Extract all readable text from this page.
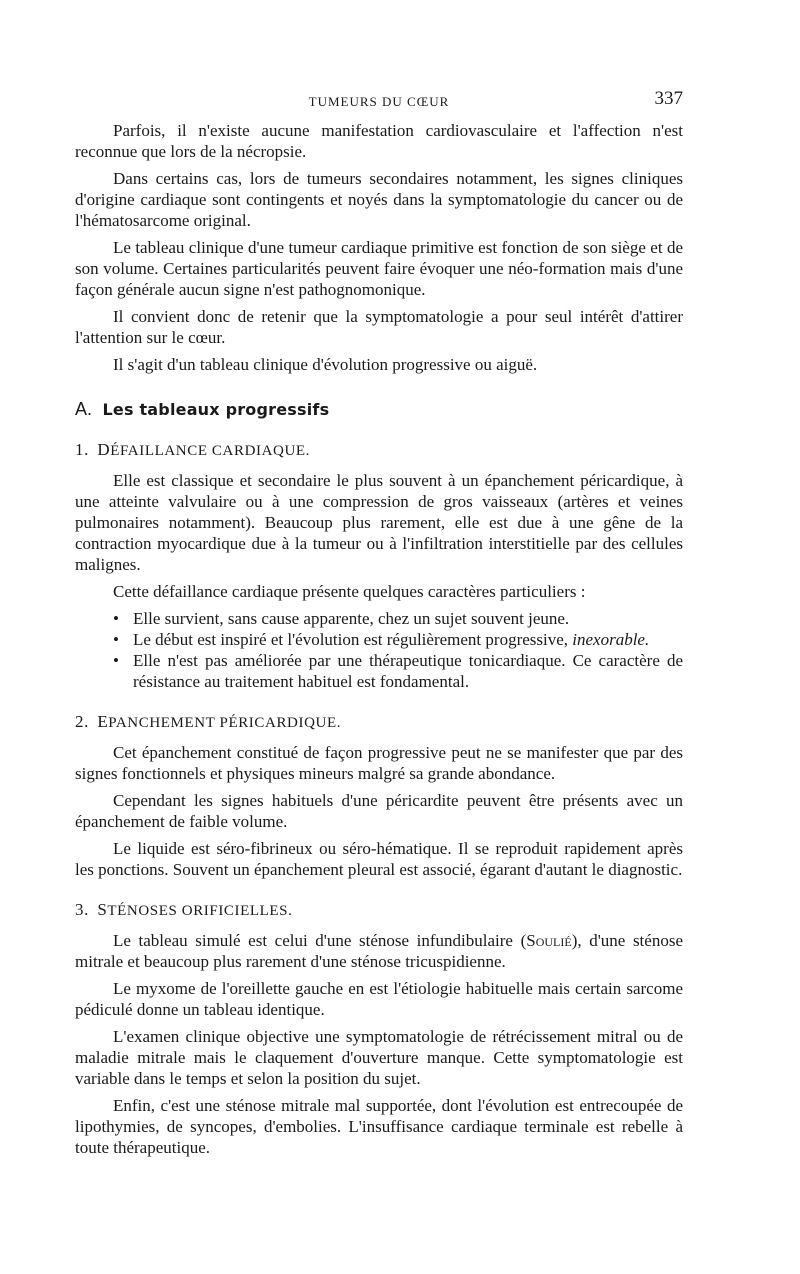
TUMEURS DU CŒUR	337

Parfois, il n'existe aucune manifestation cardiovasculaire et l'affection n'est reconnue que lors de la nécropsie.

Dans certains cas, lors de tumeurs secondaires notamment, les signes cliniques d'origine cardiaque sont contingents et noyés dans la symptomatologie du cancer ou de l'hématosarcome original.

Le tableau clinique d'une tumeur cardiaque primitive est fonction de son siège et de son volume. Certaines particularités peuvent faire évoquer une néo-formation mais d'une façon générale aucun signe n'est pathognomonique.

Il convient donc de retenir que la symptomatologie a pour seul intérêt d'attirer l'attention sur le cœur.

Il s'agit d'un tableau clinique d'évolution progressive ou aiguë.

A. Les tableaux progressifs
1. DÉFAILLANCE CARDIAQUE.

Elle est classique et secondaire le plus souvent à un épanchement péricardique, à une atteinte valvulaire ou à une compression de gros vaisseaux (artères et veines pulmonaires notamment). Beaucoup plus rarement, elle est due à une gêne de la contraction myocardique due à la tumeur ou à l'infiltration interstitielle par des cellules malignes.

Cette défaillance cardiaque présente quelques caractères particuliers :

• Elle survient, sans cause apparente, chez un sujet souvent jeune.
• Le début est inspiré et l'évolution est régulièrement progressive, inexorable.
• Elle n'est pas améliorée par une thérapeutique tonicardiaque. Ce caractère de résistance au traitement habituel est fondamental.
2. EPANCHEMENT PÉRICARDIQUE.

Cet épanchement constitué de façon progressive peut ne se manifester que par des signes fonctionnels et physiques mineurs malgré sa grande abondance.

Cependant les signes habituels d'une péricardite peuvent être présents avec un épanchement de faible volume.

Le liquide est séro-fibrineux ou séro-hématique. Il se reproduit rapidement après les ponctions. Souvent un épanchement pleural est associé, égarant d'autant le diagnostic.

3. STÉNOSES ORIFICIELLES.

Le tableau simulé est celui d'une sténose infundibulaire (Soulié), d'une sténose mitrale et beaucoup plus rarement d'une sténose tricuspidienne.

Le myxome de l'oreillette gauche en est l'étiologie habituelle mais certain sarcome pédiculé donne un tableau identique.

L'examen clinique objective une symptomatologie de rétrécissement mitral ou de maladie mitrale mais le claquement d'ouverture manque. Cette symptomatologie est variable dans le temps et selon la position du sujet.

Enfin, c'est une sténose mitrale mal supportée, dont l'évolution est entrecoupée de lipothymies, de syncopes, d'embolies. L'insuffisance cardiaque terminale est rebelle à toute thérapeutique.
